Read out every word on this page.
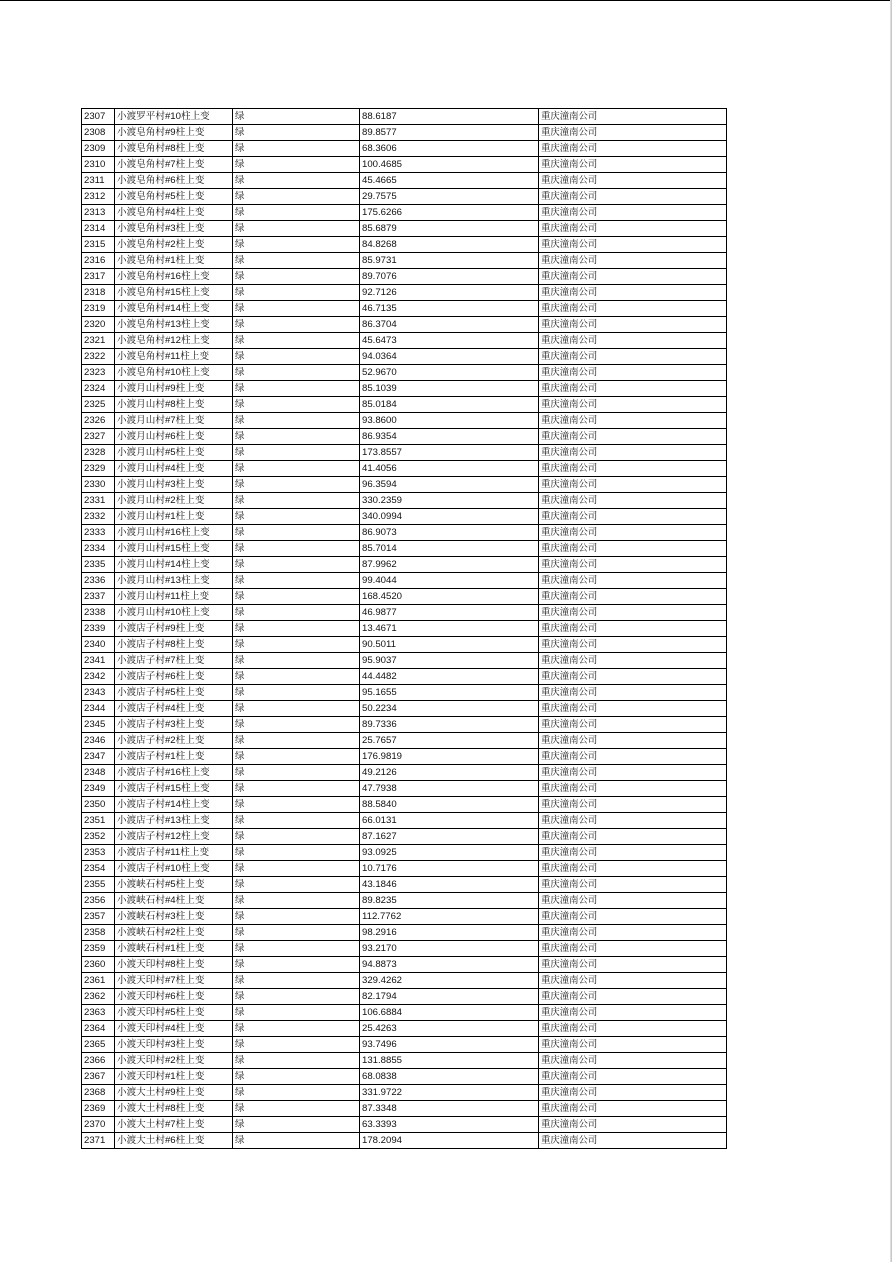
2307	小渡罗平村#10柱上变	绿	88.6187	重庆潼南公司
2308	小渡皂角村#9柱上变	绿	89.8577	重庆潼南公司
2309	小渡皂角村#8柱上变	绿	68.3606	重庆潼南公司
2310	小渡皂角村#7柱上变	绿	100.4685	重庆潼南公司
2311	小渡皂角村#6柱上变	绿	45.4665	重庆潼南公司
2312	小渡皂角村#5柱上变	绿	29.7575	重庆潼南公司
2313	小渡皂角村#4柱上变	绿	175.6266	重庆潼南公司
2314	小渡皂角村#3柱上变	绿	85.6879	重庆潼南公司
2315	小渡皂角村#2柱上变	绿	84.8268	重庆潼南公司
2316	小渡皂角村#1柱上变	绿	85.9731	重庆潼南公司
2317	小渡皂角村#16柱上变	绿	89.7076	重庆潼南公司
2318	小渡皂角村#15柱上变	绿	92.7126	重庆潼南公司
2319	小渡皂角村#14柱上变	绿	46.7135	重庆潼南公司
2320	小渡皂角村#13柱上变	绿	86.3704	重庆潼南公司
2321	小渡皂角村#12柱上变	绿	45.6473	重庆潼南公司
2322	小渡皂角村#11柱上变	绿	94.0364	重庆潼南公司
2323	小渡皂角村#10柱上变	绿	52.9670	重庆潼南公司
2324	小渡月山村#9柱上变	绿	85.1039	重庆潼南公司
2325	小渡月山村#8柱上变	绿	85.0184	重庆潼南公司
2326	小渡月山村#7柱上变	绿	93.8600	重庆潼南公司
2327	小渡月山村#6柱上变	绿	86.9354	重庆潼南公司
2328	小渡月山村#5柱上变	绿	173.8557	重庆潼南公司
2329	小渡月山村#4柱上变	绿	41.4056	重庆潼南公司
2330	小渡月山村#3柱上变	绿	96.3594	重庆潼南公司
2331	小渡月山村#2柱上变	绿	330.2359	重庆潼南公司
2332	小渡月山村#1柱上变	绿	340.0994	重庆潼南公司
2333	小渡月山村#16柱上变	绿	86.9073	重庆潼南公司
2334	小渡月山村#15柱上变	绿	85.7014	重庆潼南公司
2335	小渡月山村#14柱上变	绿	87.9962	重庆潼南公司
2336	小渡月山村#13柱上变	绿	99.4044	重庆潼南公司
2337	小渡月山村#11柱上变	绿	168.4520	重庆潼南公司
2338	小渡月山村#10柱上变	绿	46.9877	重庆潼南公司
2339	小渡店子村#9柱上变	绿	13.4671	重庆潼南公司
2340	小渡店子村#8柱上变	绿	90.5011	重庆潼南公司
2341	小渡店子村#7柱上变	绿	95.9037	重庆潼南公司
2342	小渡店子村#6柱上变	绿	44.4482	重庆潼南公司
2343	小渡店子村#5柱上变	绿	95.1655	重庆潼南公司
2344	小渡店子村#4柱上变	绿	50.2234	重庆潼南公司
2345	小渡店子村#3柱上变	绿	89.7336	重庆潼南公司
2346	小渡店子村#2柱上变	绿	25.7657	重庆潼南公司
2347	小渡店子村#1柱上变	绿	176.9819	重庆潼南公司
2348	小渡店子村#16柱上变	绿	49.2126	重庆潼南公司
2349	小渡店子村#15柱上变	绿	47.7938	重庆潼南公司
2350	小渡店子村#14柱上变	绿	88.5840	重庆潼南公司
2351	小渡店子村#13柱上变	绿	66.0131	重庆潼南公司
2352	小渡店子村#12柱上变	绿	87.1627	重庆潼南公司
2353	小渡店子村#11柱上变	绿	93.0925	重庆潼南公司
2354	小渡店子村#10柱上变	绿	10.7176	重庆潼南公司
2355	小渡峡石村#5柱上变	绿	43.1846	重庆潼南公司
2356	小渡峡石村#4柱上变	绿	89.8235	重庆潼南公司
2357	小渡峡石村#3柱上变	绿	112.7762	重庆潼南公司
2358	小渡峡石村#2柱上变	绿	98.2916	重庆潼南公司
2359	小渡峡石村#1柱上变	绿	93.2170	重庆潼南公司
2360	小渡天印村#8柱上变	绿	94.8873	重庆潼南公司
2361	小渡天印村#7柱上变	绿	329.4262	重庆潼南公司
2362	小渡天印村#6柱上变	绿	82.1794	重庆潼南公司
2363	小渡天印村#5柱上变	绿	106.6884	重庆潼南公司
2364	小渡天印村#4柱上变	绿	25.4263	重庆潼南公司
2365	小渡天印村#3柱上变	绿	93.7496	重庆潼南公司
2366	小渡天印村#2柱上变	绿	131.8855	重庆潼南公司
2367	小渡天印村#1柱上变	绿	68.0838	重庆潼南公司
2368	小渡大土村#9柱上变	绿	331.9722	重庆潼南公司
2369	小渡大土村#8柱上变	绿	87.3348	重庆潼南公司
2370	小渡大土村#7柱上变	绿	63.3393	重庆潼南公司
2371	小渡大土村#6柱上变	绿	178.2094	重庆潼南公司
